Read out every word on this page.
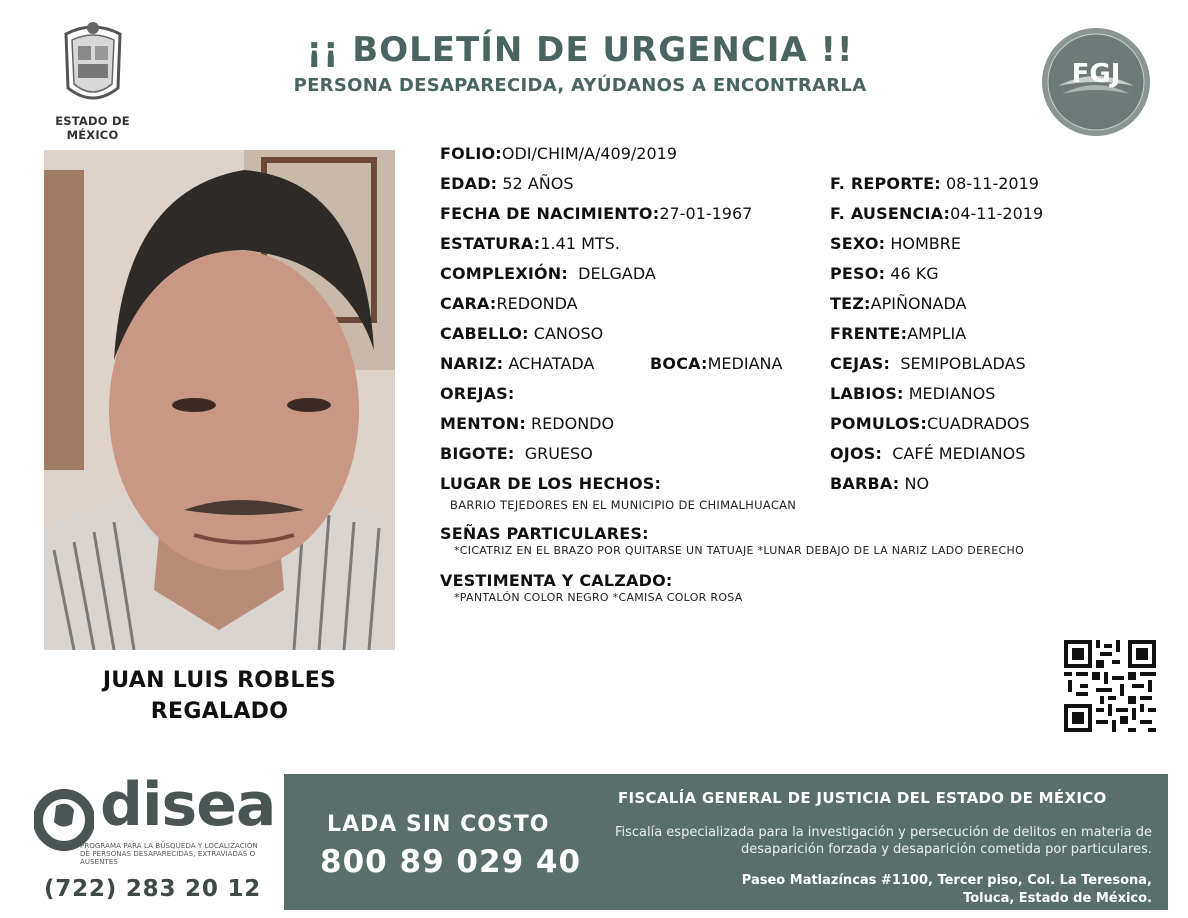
ESTADO DE MÉXICO
¡¡ BOLETÍN DE URGENCIA !!
PERSONA DESAPARECIDA, AYÚDANOS A ENCONTRARLA	FGJ
JUAN LUIS ROBLES
REGALADO
FOLIO:ODI/CHIM/A/409/2019
EDAD: 52 AÑOS	F. REPORTE: 08-11-2019
FECHA DE NACIMIENTO:27-01-1967	F. AUSENCIA:04-11-2019
ESTATURA:1.41 MTS.	SEXO: HOMBRE
COMPLEXIÓN: DELGADA	PESO: 46 KG
CARA:REDONDA	TEZ:APIÑONADA
CABELLO: CANOSO	FRENTE:AMPLIA
NARIZ: ACHATADA	BOCA:MEDIANA	CEJAS: SEMIPOBLADAS
OREJAS:	LABIOS: MEDIANOS
MENTON: REDONDO	POMULOS:CUADRADOS
BIGOTE: GRUESO	OJOS: CAFÉ MEDIANOS
LUGAR DE LOS HECHOS:	BARBA: NO
BARRIO TEJEDORES EN EL MUNICIPIO DE CHIMALHUACAN
SEÑAS PARTICULARES:
*CICATRIZ EN EL BRAZO POR QUITARSE UN TATUAJE *LUNAR DEBAJO DE LA NARIZ LADO DERECHO
VESTIMENTA Y CALZADO:
*PANTALÓN COLOR NEGRO *CAMISA COLOR ROSA
disea
PROGRAMA PARA LA BÚSQUEDA Y LOCALIZACIÓN DE PERSONAS DESAPARECIDAS, EXTRAVIADAS O AUSENTES
(722) 283 20 12
LADA SIN COSTO
800 89 029 40
FISCALÍA GENERAL DE JUSTICIA DEL ESTADO DE MÉXICO
Fiscalía especializada para la investigación y persecución de delitos en materia de desaparición forzada y desaparición cometida por particulares.
Paseo Matlazíncas #1100, Tercer piso, Col. La Teresona,
Toluca, Estado de México.
